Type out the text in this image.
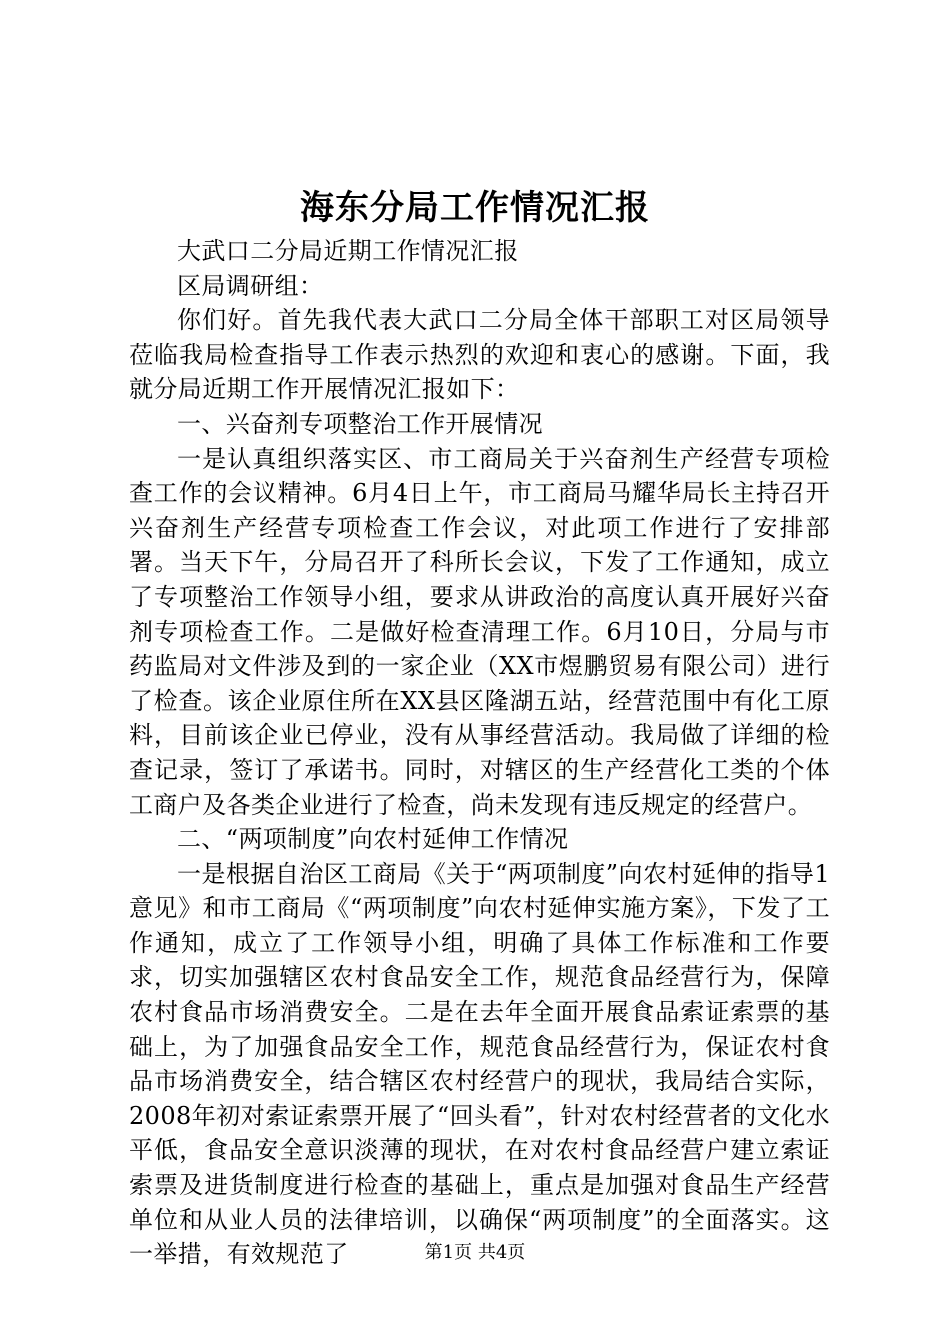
海东分局工作情况汇报

大武口二分局近期工作情况汇报

区局调研组：

你们好。首先我代表大武口二分局全体干部职工对区局领导莅临我局检查指导工作表示热烈的欢迎和衷心的感谢。下面，我就分局近期工作开展情况汇报如下：

一、兴奋剂专项整治工作开展情况

一是认真组织落实区、市工商局关于兴奋剂生产经营专项检查工作的会议精神。6月4日上午，市工商局马耀华局长主持召开兴奋剂生产经营专项检查工作会议，对此项工作进行了安排部署。当天下午，分局召开了科所长会议，下发了工作通知，成立了专项整治工作领导小组，要求从讲政治的高度认真开展好兴奋剂专项检查工作。二是做好检查清理工作。6月10日，分局与市药监局对文件涉及到的一家企业（XX市煜鹏贸易有限公司）进行了检查。该企业原住所在XX县区隆湖五站，经营范围中有化工原料，目前该企业已停业，没有从事经营活动。我局做了详细的检查记录，签订了承诺书。同时，对辖区的生产经营化工类的个体工商户及各类企业进行了检查，尚未发现有违反规定的经营户。

二、“两项制度”向农村延伸工作情况

一是根据自治区工商局《关于“两项制度”向农村延伸的指导1意见》和市工商局《“两项制度”向农村延伸实施方案》，下发了工作通知，成立了工作领导小组，明确了具体工作标准和工作要求，切实加强辖区农村食品安全工作，规范食品经营行为，保障农村食品市场消费安全。二是在去年全面开展食品索证索票的基础上，为了加强食品安全工作，规范食品经营行为，保证农村食品市场消费安全，结合辖区农村经营户的现状，我局结合实际，2008年初对索证索票开展了“回头看”，针对农村经营者的文化水平低，食品安全意识淡薄的现状，在对农村食品经营户建立索证索票及进货制度进行检查的基础上，重点是加强对食品生产经营单位和从业人员的法律培训，以确保“两项制度”的全面落实。这一举措，有效规范了	第1页 共4页
